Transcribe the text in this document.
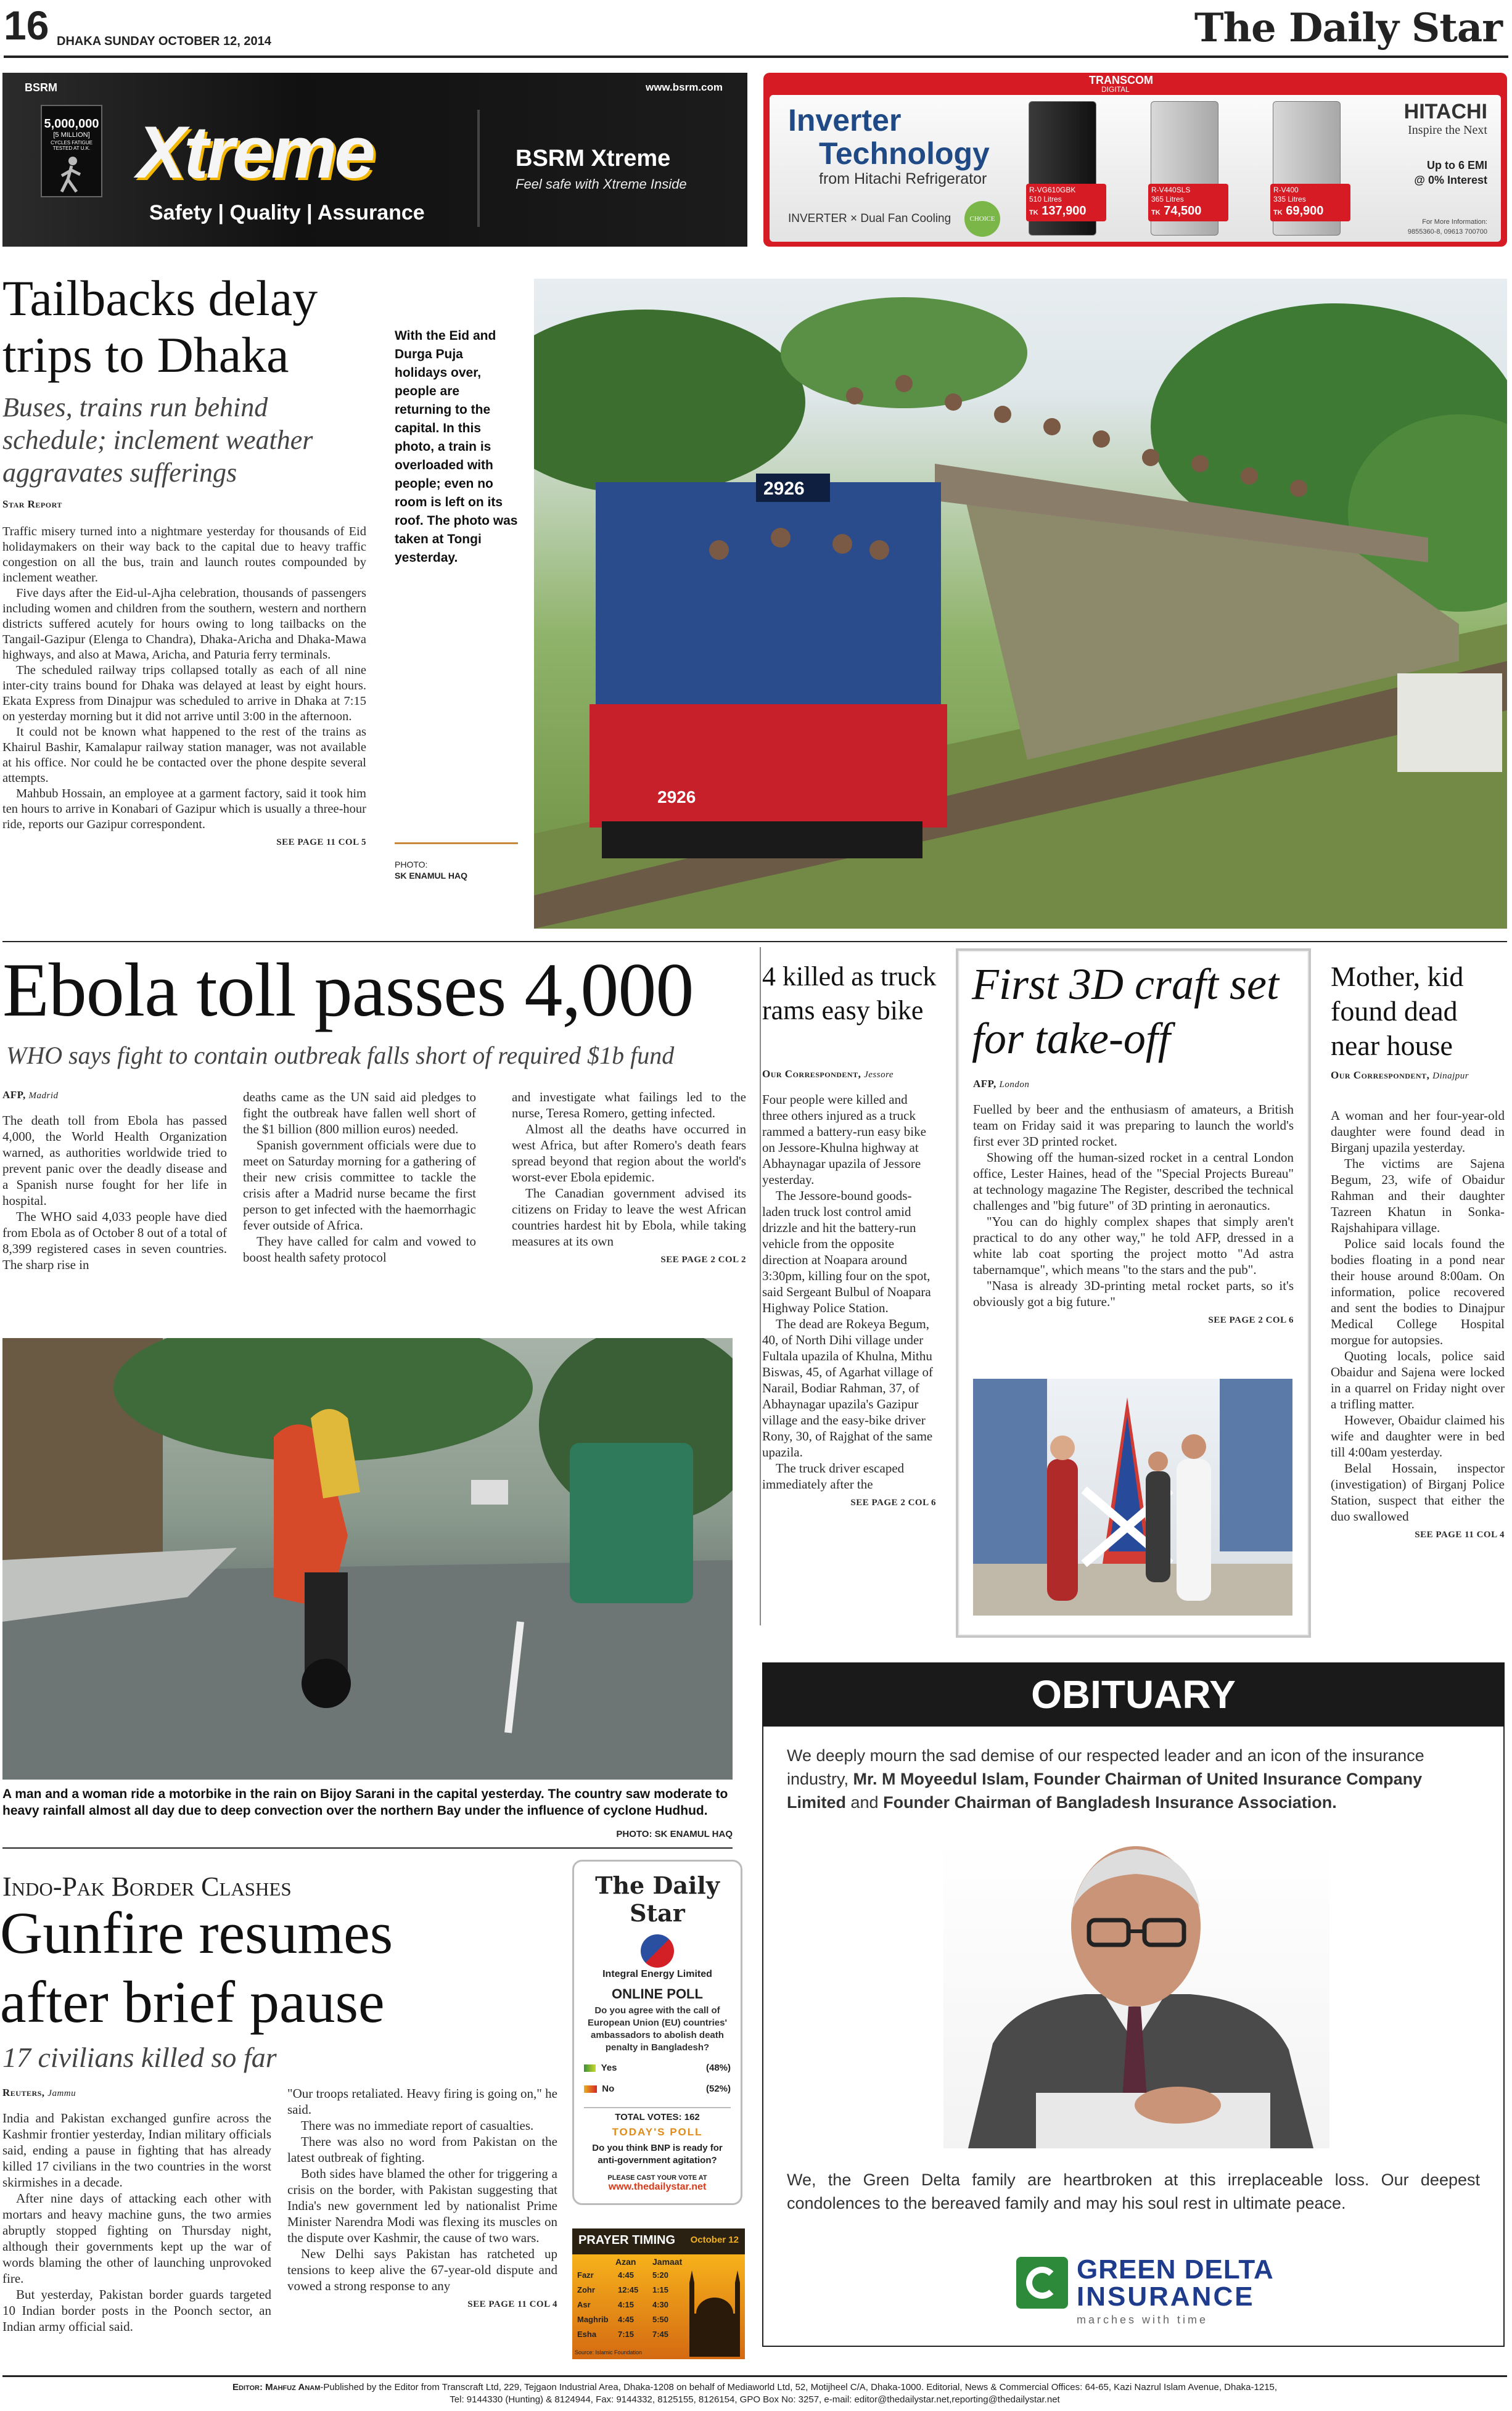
16 DHAKA SUNDAY OCTOBER 12, 2014	The Daily Star
BSRM
5,000,000
[5 MILLION]
CYCLES FATIGUE TESTED AT U.K. Xtreme
Safety | Quality | Assurance
www.bsrm.com
BSRM Xtreme
Feel safe with Xtreme Inside
TRANSCOM
DIGITAL
Inverter
Technology
from Hitachi Refrigerator
INVERTER × Dual Fan Cooling	CHOICE
HITACHI
Inspire the Next
Up to 6 EMI
@ 0% Interest
For More Information:
9855360-8, 09613 700700
R-VG610GBK
510 Litres
TK 137,900
R-V440SLS
365 Litres
TK 74,500
R-V400
335 Litres
TK 69,900
Tailbacks delay trips to Dhaka
Buses, trains run behind schedule; inclement weather aggravates sufferings
Star Report

Traffic misery turned into a nightmare yesterday for thousands of Eid holidaymakers on their way back to the capital due to heavy traffic congestion on all the bus, train and launch routes compounded by inclement weather.

Five days after the Eid-ul-Ajha celebration, thousands of passengers including women and children from the southern, western and northern districts suffered acutely for hours owing to long tailbacks on the Tangail-Gazipur (Elenga to Chandra), Dhaka-Aricha and Dhaka-Mawa highways, and also at Mawa, Aricha, and Paturia ferry terminals.

The scheduled railway trips collapsed totally as each of all nine inter-city trains bound for Dhaka was delayed at least by eight hours. Ekata Express from Dinajpur was scheduled to arrive in Dhaka at 7:15 on yesterday morning but it did not arrive until 3:00 in the afternoon.

It could not be known what happened to the rest of the trains as Khairul Bashir, Kamalapur railway station manager, was not available at his office. Nor could he be contacted over the phone despite several attempts.

Mahbub Hossain, an employee at a garment factory, said it took him ten hours to arrive in Konabari of Gazipur which is usually a three-hour ride, reports our Gazipur correspondent.

SEE PAGE 11 COL 5
With the Eid and Durga Puja holidays over, people are returning to the capital. In this photo, a train is overloaded with people; even no room is left on its roof. The photo was taken at Tongi yesterday.
PHOTO:
SK ENAMUL HAQ
2926
2926
Ebola toll passes 4,000
WHO says fight to contain outbreak falls short of required $1b fund
AFP, Madrid

The death toll from Ebola has passed 4,000, the World Health Organization warned, as authorities worldwide tried to prevent panic over the deadly disease and a Spanish nurse fought for her life in hospital.

The WHO said 4,033 people have died from Ebola as of October 8 out of a total of 8,399 registered cases in seven countries. The sharp rise in

deaths came as the UN said aid pledges to fight the outbreak have fallen well short of the $1 billion (800 million euros) needed.

Spanish government officials were due to meet on Saturday morning for a gathering of their new crisis committee to tackle the crisis after a Madrid nurse became the first person to get infected with the haemorrhagic fever outside of Africa.

They have called for calm and vowed to boost health safety protocol

and investigate what failings led to the nurse, Teresa Romero, getting infected.

Almost all the deaths have occurred in west Africa, but after Romero's death fears spread beyond that region about the world's worst-ever Ebola epidemic.

The Canadian government advised its citizens on Friday to leave the west African countries hardest hit by Ebola, while taking measures at its own

SEE PAGE 2 COL 2
A man and a woman ride a motorbike in the rain on Bijoy Sarani in the capital yesterday. The country saw moderate to heavy rainfall almost all day due to deep convection over the northern Bay under the influence of cyclone Hudhud.
PHOTO: SK ENAMUL HAQ
4 killed as truck rams easy bike
Our Correspondent, Jessore

Four people were killed and three others injured as a truck rammed a battery-run easy bike on Jessore-Khulna highway at Abhaynagar upazila of Jessore yesterday.

The Jessore-bound goods-laden truck lost control amid drizzle and hit the battery-run vehicle from the opposite direction at Noapara around 3:30pm, killing four on the spot, said Sergeant Bulbul of Noapara Highway Police Station.

The dead are Rokeya Begum, 40, of North Dihi village under Fultala upazila of Khulna, Mithu Biswas, 45, of Agarhat village of Narail, Bodiar Rahman, 37, of Abhaynagar upazila's Gazipur village and the easy-bike driver Rony, 30, of Rajghat of the same upazila.

The truck driver escaped immediately after the

SEE PAGE 2 COL 6
First 3D craft set for take-off
AFP, London

Fuelled by beer and the enthusiasm of amateurs, a British team on Friday said it was preparing to launch the world's first ever 3D printed rocket.

Showing off the human-sized rocket in a central London office, Lester Haines, head of the "Special Projects Bureau" at technology magazine The Register, described the technical challenges and "big future" of 3D printing in aeronautics.

"You can do highly complex shapes that simply aren't practical to do any other way," he told AFP, dressed in a white lab coat sporting the project motto "Ad astra tabernamque", which means "to the stars and the pub".

"Nasa is already 3D-printing metal rocket parts, so it's obviously got a big future."

SEE PAGE 2 COL 6
Mother, kid found dead near house
Our Correspondent, Dinajpur

A woman and her four-year-old daughter were found dead in Birganj upazila yesterday.

The victims are Sajena Begum, 23, wife of Obaidur Rahman and their daughter Tazreen Khatun in Sonka-Rajshahipara village.

Police said locals found the bodies floating in a pond near their house around 8:00am. On information, police recovered and sent the bodies to Dinajpur Medical College Hospital morgue for autopsies.

Quoting locals, police said Obaidur and Sajena were locked in a quarrel on Friday night over a trifling matter.

However, Obaidur claimed his wife and daughter were in bed till 4:00am yesterday.

Belal Hossain, inspector (investigation) of Birganj Police Station, suspect that either the duo swallowed

SEE PAGE 11 COL 4
Indo-Pak Border Clashes
Gunfire resumes
after brief pause
17 civilians killed so far
Reuters, Jammu

India and Pakistan exchanged gunfire across the Kashmir frontier yesterday, Indian military officials said, ending a pause in fighting that has already killed 17 civilians in the two countries in the worst skirmishes in a decade.

After nine days of attacking each other with mortars and heavy machine guns, the two armies abruptly stopped fighting on Thursday night, although their governments kept up the war of words blaming the other of launching unprovoked fire.

But yesterday, Pakistan border guards targeted 10 Indian border posts in the Poonch sector, an Indian army official said.

"Our troops retaliated. Heavy firing is going on," he said.

There was no immediate report of casualties.

There was also no word from Pakistan on the latest outbreak of fighting.

Both sides have blamed the other for triggering a crisis on the border, with Pakistan suggesting that India's new government led by nationalist Prime Minister Narendra Modi was flexing its muscles on the dispute over Kashmir, the cause of two wars.

New Delhi says Pakistan has ratcheted up tensions to keep alive the 67-year-old dispute and vowed a strong response to any

SEE PAGE 11 COL 4
The Daily Star
Integral Energy Limited
ONLINE POLL
Do you agree with the call of European Union (EU) countries' ambassadors to abolish death penalty in Bangladesh?
Yes	(48%)
No	(52%)
TOTAL VOTES: 162
TODAY'S POLL
Do you think BNP is ready for anti-government agitation?
PLEASE CAST YOUR VOTE AT
www.thedailystar.net
PRAYER TIMING October 12
Azan Jamaat
Fazr	4:45	5:20
Zohr	12:45	1:15
Asr	4:15	4:30
Maghrib	4:45	5:50
Esha	7:15	7:45
Source: Islamic Foundation
OBITUARY
We deeply mourn the sad demise of our respected leader and an icon of the insurance industry, Mr. M Moyeedul Islam, Founder Chairman of United Insurance Company Limited and Founder Chairman of Bangladesh Insurance Association.
We, the Green Delta family are heartbroken at this irreplaceable loss. Our deepest condolences to the bereaved family and may his soul rest in ultimate peace.
GREEN DELTA
INSURANCE
marches with time
Editor: Mahfuz Anam-Published by the Editor from Transcraft Ltd, 229, Tejgaon Industrial Area, Dhaka-1208 on behalf of Mediaworld Ltd, 52, Motijheel C/A, Dhaka-1000. Editorial, News & Commercial Offices: 64-65, Kazi Nazrul Islam Avenue, Dhaka-1215,
Tel: 9144330 (Hunting) & 8124944, Fax: 9144332, 8125155, 8126154, GPO Box No: 3257, e-mail: editor@thedailystar.net,reporting@thedailystar.net
